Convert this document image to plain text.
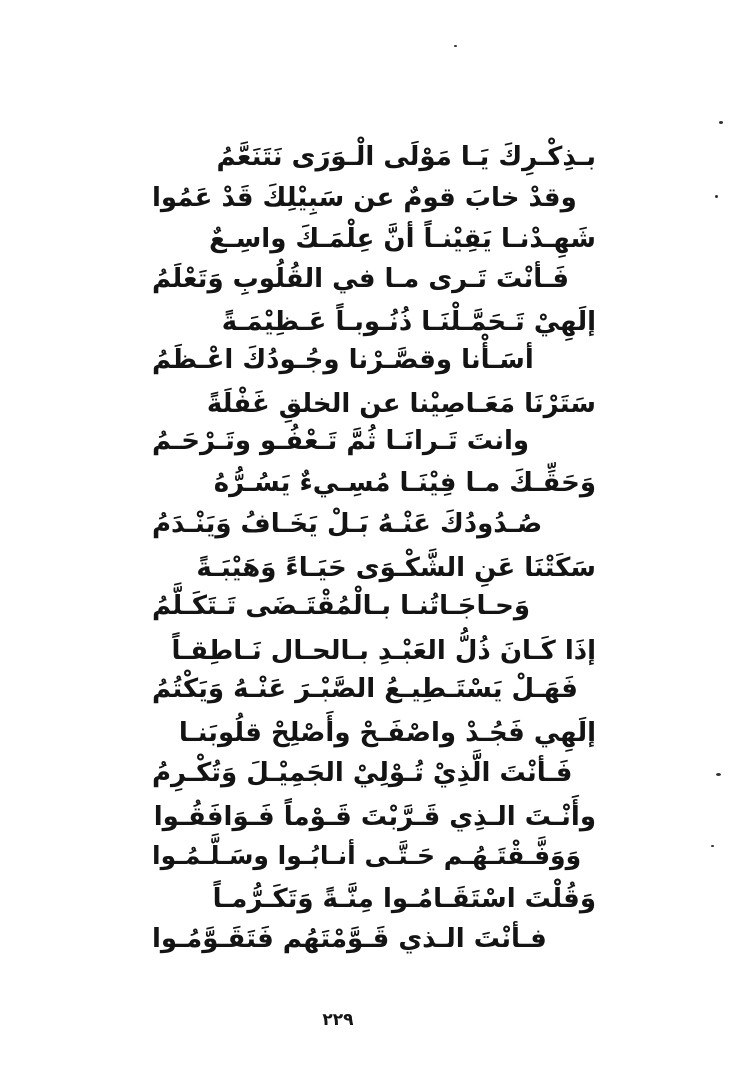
بـذِكْـرِكَ يَـا مَوْلَى الْـوَرَى نَتَنَعَّمُ
وقدْ خابَ قومٌ عن سَبِيْلِكَ قَدْ عَمُوا
شَهِـدْنـا يَقِيْنـاً أنَّ عِلْمَـكَ واسِـعٌ
فَـأنْتَ تَـرى مـا في القُلُوبِ وَتَعْلَمُ
إلَهِيْ تَـحَمَّـلْنَـا ذُنُـوبـاً عَـظِيْمَـةً
أسَـأْنا وقصَّـرْنا وجُـودُكَ اعْـظَمُ
سَتَرْنَا مَعَـاصِيْنا عن الخلقِ غَفْلَةً
وانتَ تَـرانَـا ثُمَّ تَـعْفُـو وتَـرْحَـمُ
وَحَقِّـكَ مـا فِيْنَـا مُسِـيءٌ يَسُـرُّهُ
صُـدُودُكَ عَنْـهُ بَـلْ يَخَـافُ وَيَنْـدَمُ
سَكَتْنَا عَنِ الشَّكْـوَى حَيَـاءً وَهَيْبَـةً
وَحـاجَـاتُنـا بـالْمُقْتَـضَى تَـتَكَـلَّمُ
إذَا كَـانَ ذُلُّ العَبْـدِ بـالحـال نَـاطِقـاً
فَهَـلْ يَسْتَـطِيـعُ الصَّبْـرَ عَنْـهُ وَيَكْتُمُ
إلَهِي فَجُـدْ واصْفَـحْ وأَصْلِحْ قلُوبَنـا
فَـأنْتَ الَّذِيْ تُـوْلِيْ الجَمِيْـلَ وَتُكْـرِمُ
وأَنْـتَ الـذِي قَـرَّبْتَ قَـوْماً فَـوَافَقُـوا
وَوَفَّـقْتَـهُـم حَـتَّـى أنـابُـوا وسَـلَّـمُـوا
وَقُلْتَ اسْتَقَـامُـوا مِنَّـةً وَتَكَـرُّمـاً
فـأنْتَ الـذي قَـوَّمْتَهُم فَتَقَـوَّمُـوا
٢٢٩
